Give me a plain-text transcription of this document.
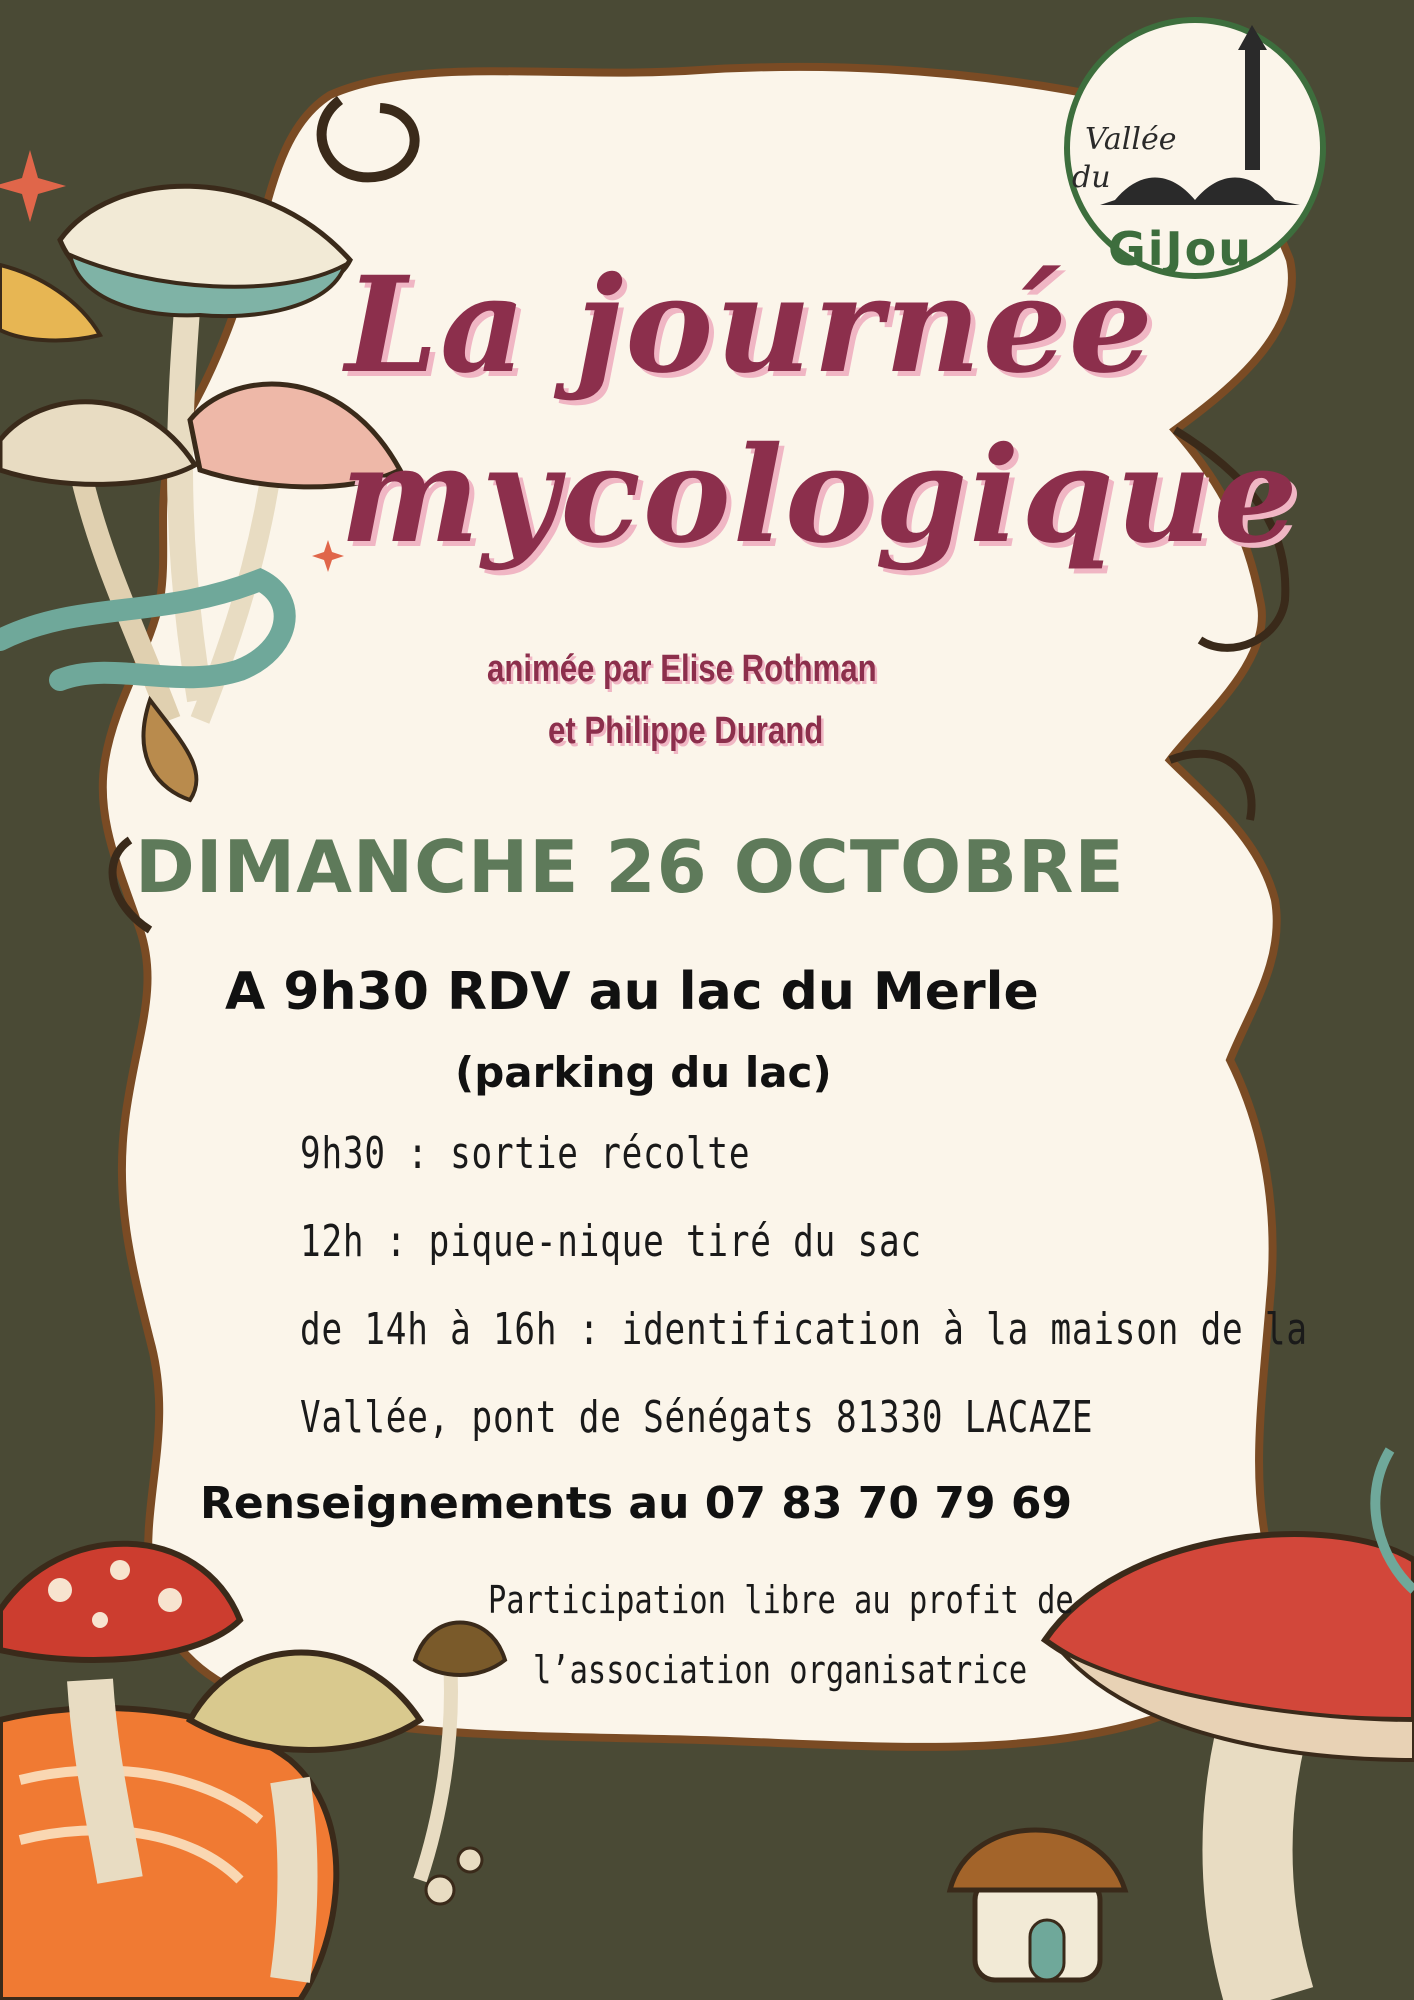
Vallée
du
GiJou

La journée

mycologique

animée par Elise Rothman

et Philippe Durand

DIMANCHE 26 OCTOBRE

A 9h30 RDV au lac du Merle

(parking du lac)

9h30 : sortie récolte

12h : pique-nique tiré du sac

de 14h à 16h : identification à la maison de la

Vallée, pont de Sénégats 81330 LACAZE

Renseignements au 07 83 70 79 69

Participation libre au profit de

l’association organisatrice
